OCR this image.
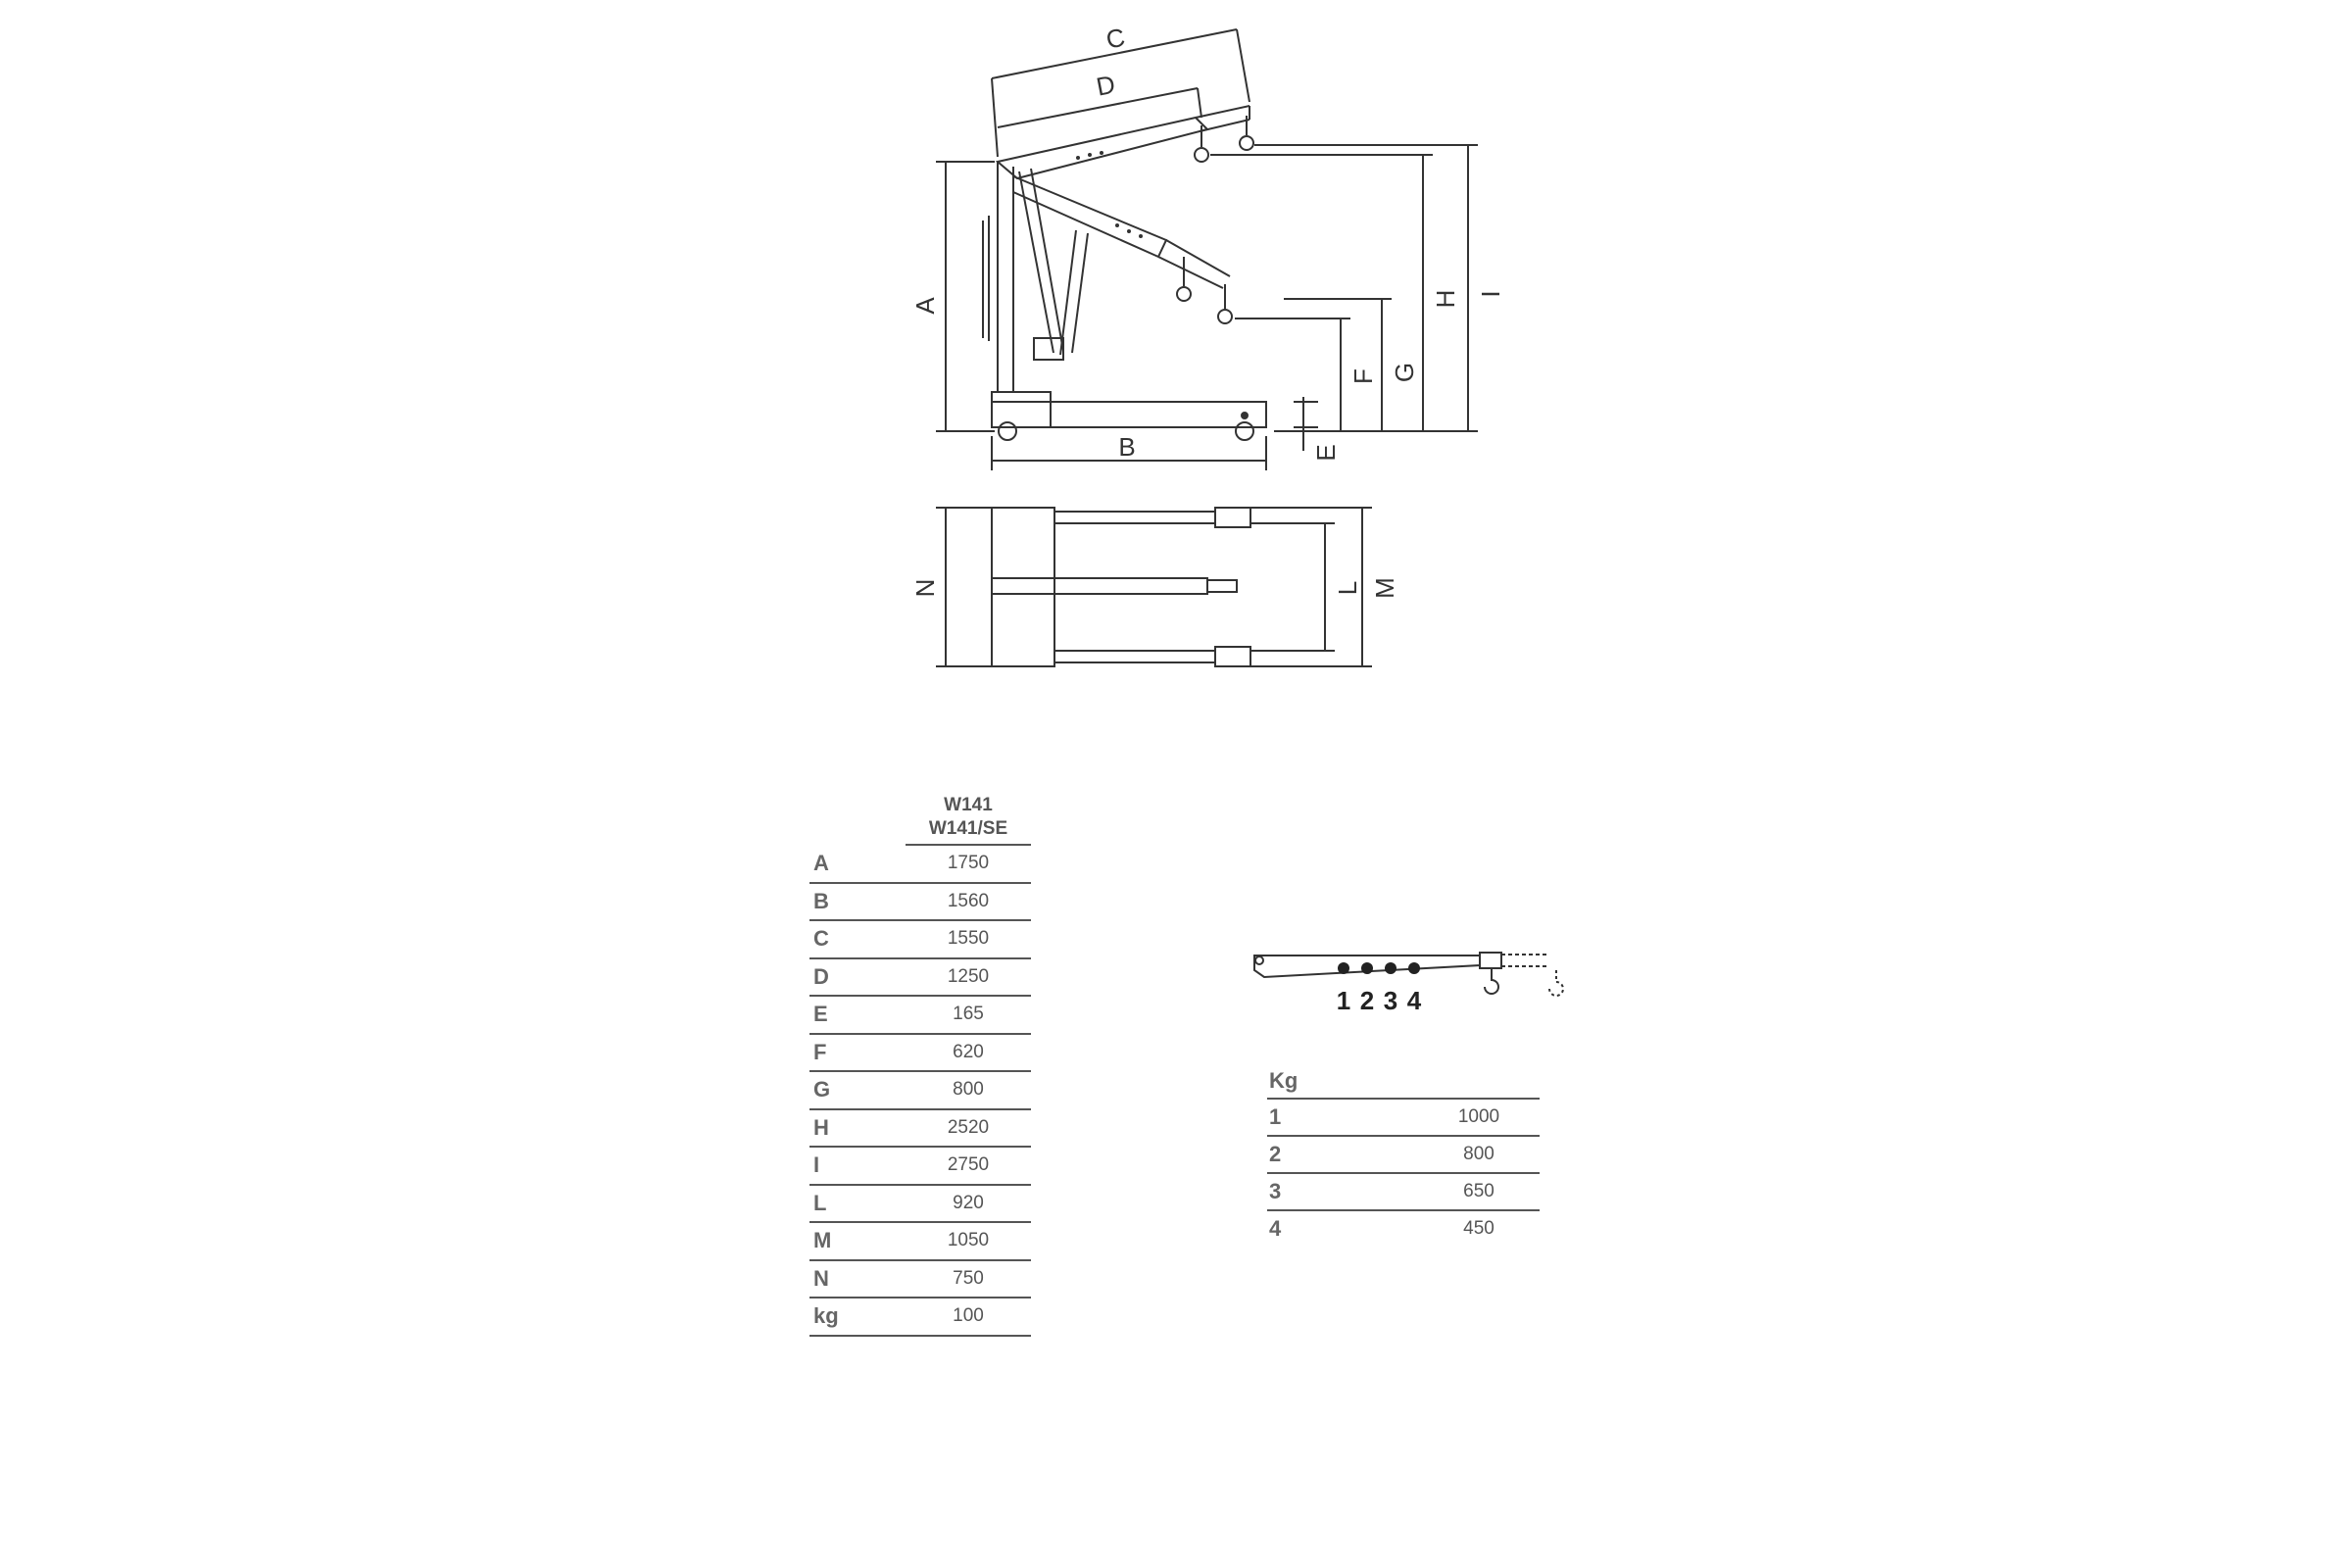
A
B
C
D
E
F G
H I
L M
N
1 2 3 4

	W141
W141/SE

A	1750
B	1560
C	1550
D	1250
E	165
F	620
G	800
H	2520
I	2750
L	920
M	1050
N	750
kg	100
Kg	
1	1000
2	800
3	650
4	450
